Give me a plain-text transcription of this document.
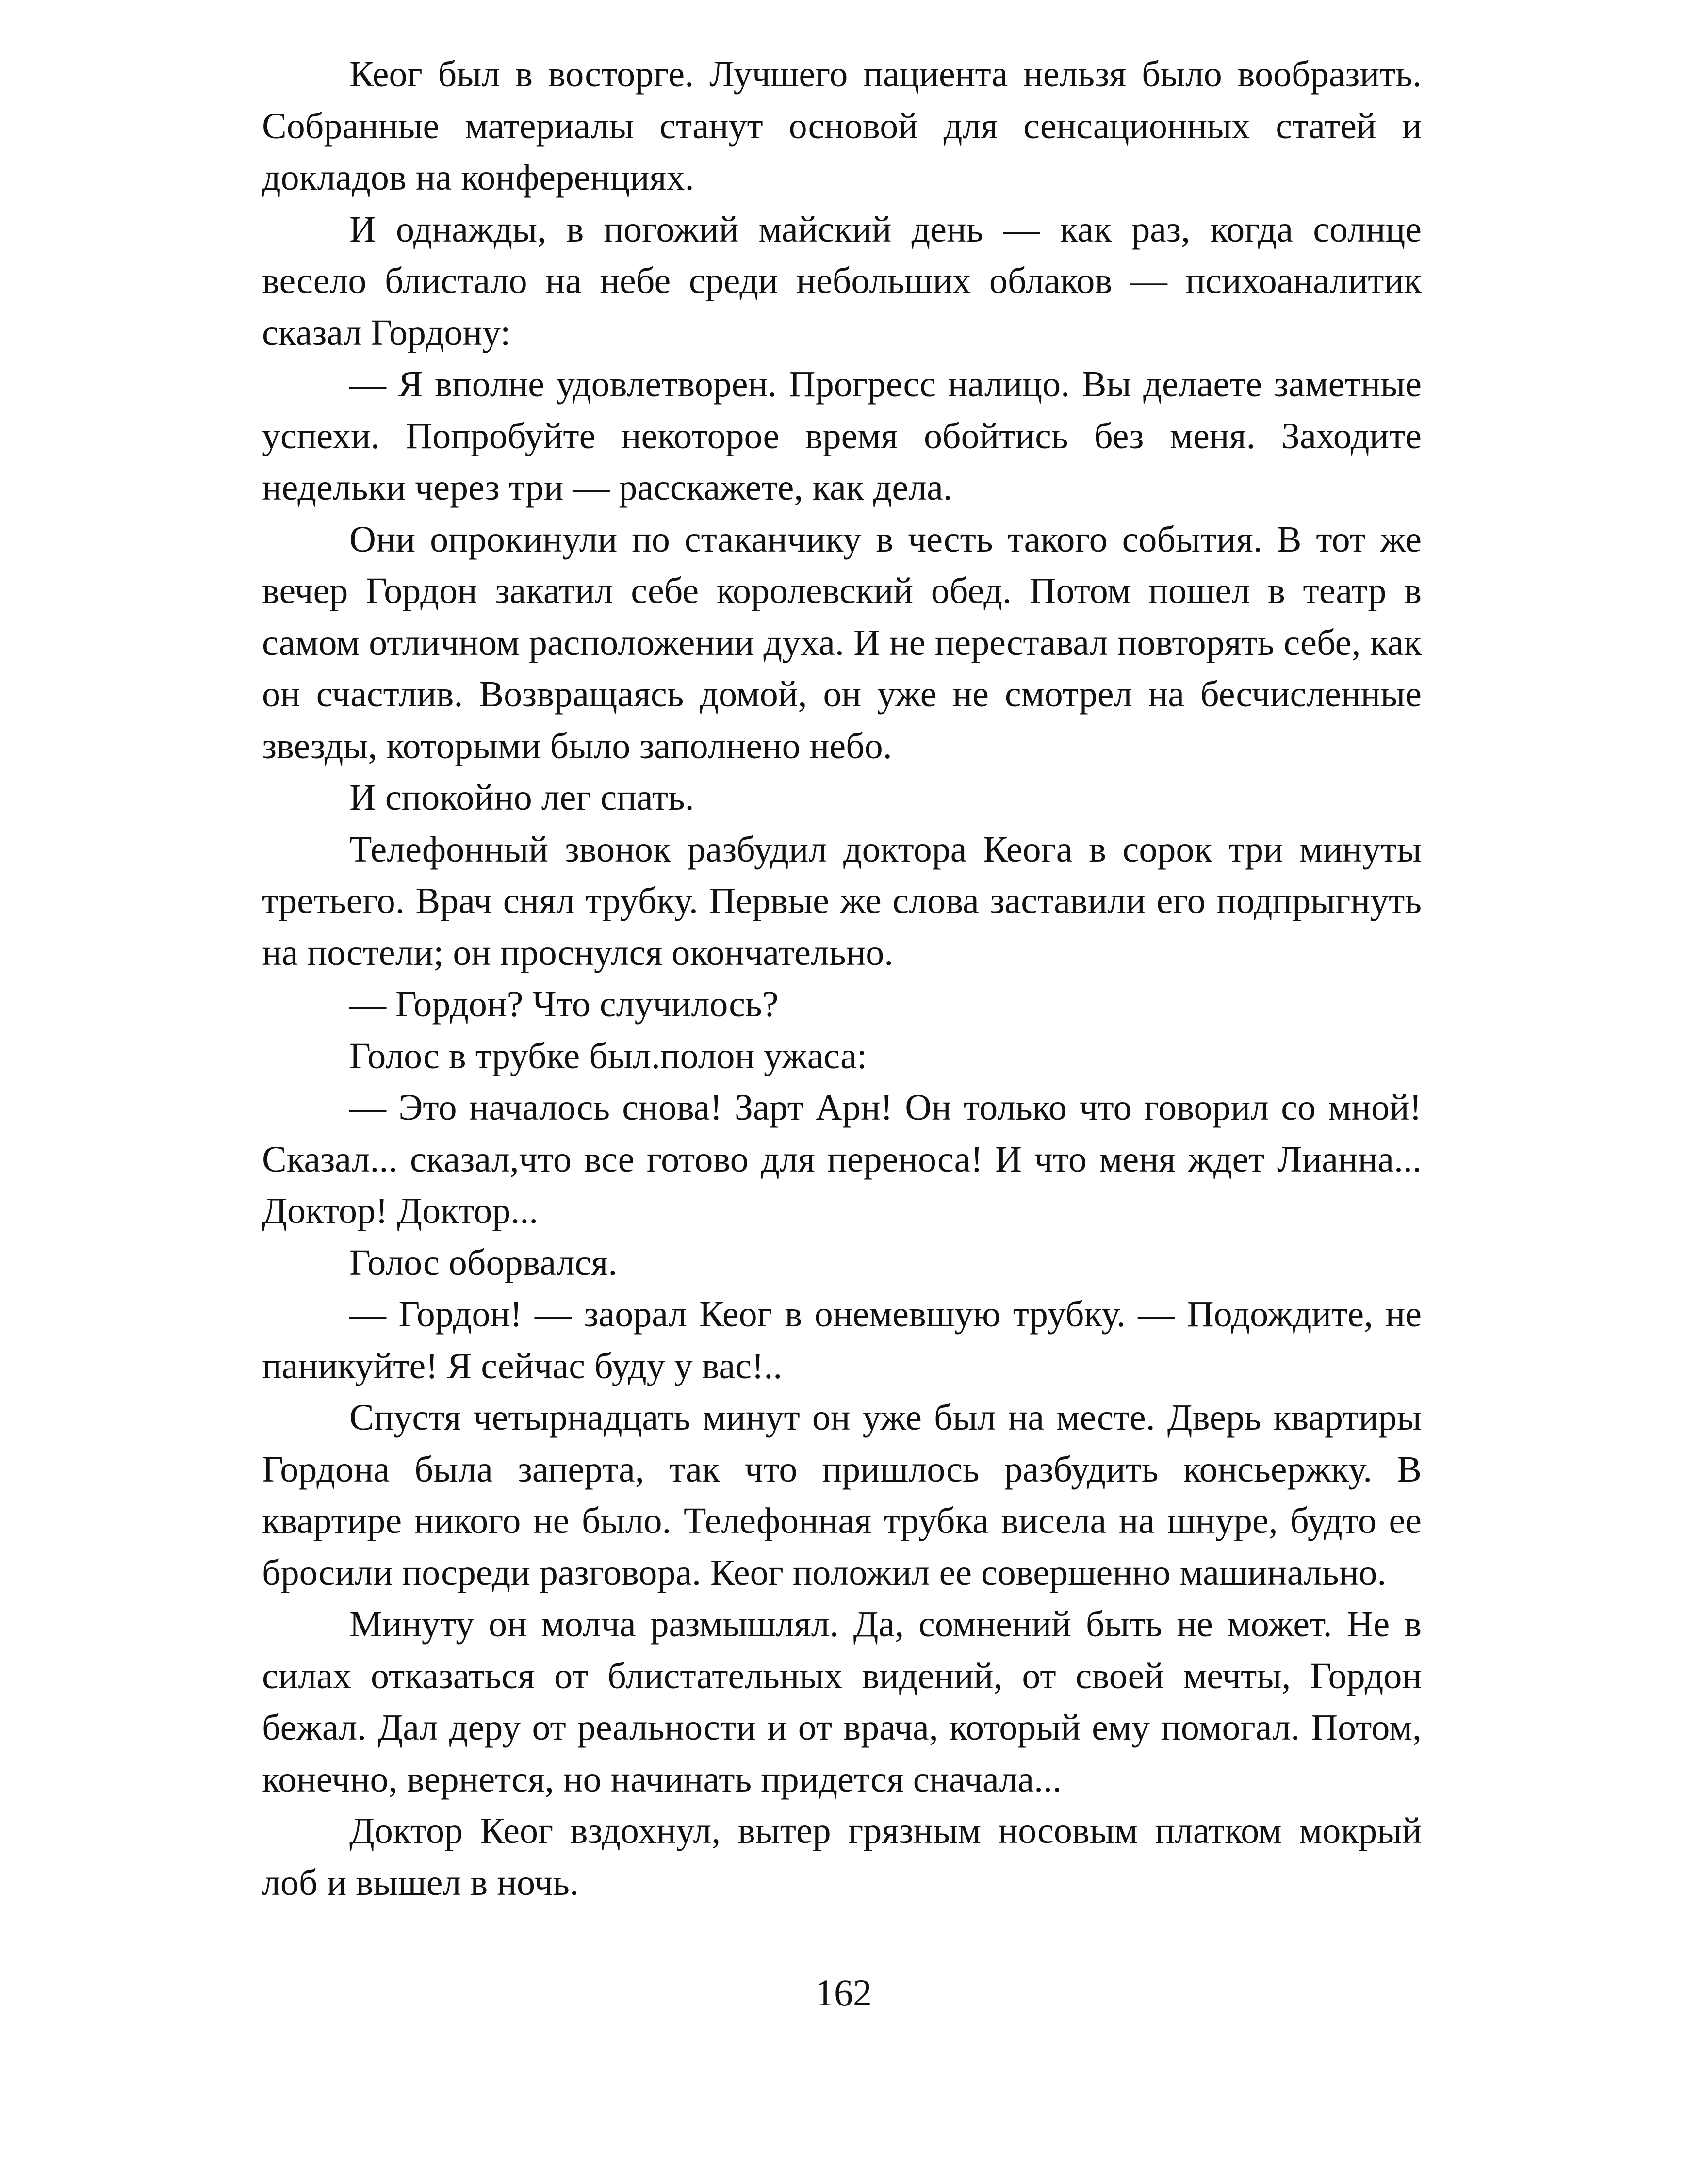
Кеог был в восторге. Лучшего пациента нельзя было вообразить. Собранные материалы станут основой для сенсационных статей и докладов на конференциях.

И однажды, в погожий майский день — как раз, когда солнце весело блистало на небе среди небольших облаков — психоаналитик сказал Гордону:

— Я вполне удовлетворен. Прогресс налицо. Вы делаете заметные успехи. Попробуйте некоторое время обойтись без меня. Заходите недельки через три — расскажете, как дела.

Они опрокинули по стаканчику в честь такого события. В тот же вечер Гордон закатил себе королевский обед. Потом пошел в театр в самом отличном расположении духа. И не переставал повторять себе, как он счастлив. Возвращаясь домой, он уже не смотрел на бесчисленные звезды, которыми было заполнено небо.

И спокойно лег спать.

Телефонный звонок разбудил доктора Кеога в сорок три минуты третьего. Врач снял трубку. Первые же слова заставили его подпрыгнуть на постели; он проснулся окончательно.

— Гордон? Что случилось?

Голос в трубке был.полон ужаса:

— Это началось снова! Зарт Арн! Он только что говорил со мной! Сказал... сказал,что все готово для переноса! И что меня ждет Лианна... Доктор! Доктор...

Голос оборвался.

— Гордон! — заорал Кеог в онемевшую трубку. — Подождите, не паникуйте! Я сейчас буду у вас!..

Спустя четырнадцать минут он уже был на месте. Дверь квартиры Гордона была заперта, так что пришлось разбудить консьержку. В квартире никого не было. Телефонная трубка висела на шнуре, будто ее бросили посреди разговора. Кеог положил ее совершенно машинально.

Минуту он молча размышлял. Да, сомнений быть не может. Не в силах отказаться от блистательных видений, от своей мечты, Гордон бежал. Дал деру от реальности и от врача, который ему помогал. Потом, конечно, вернется, но начинать придется сначала...

Доктор Кеог вздохнул, вытер грязным носовым платком мокрый лоб и вышел в ночь.

162
